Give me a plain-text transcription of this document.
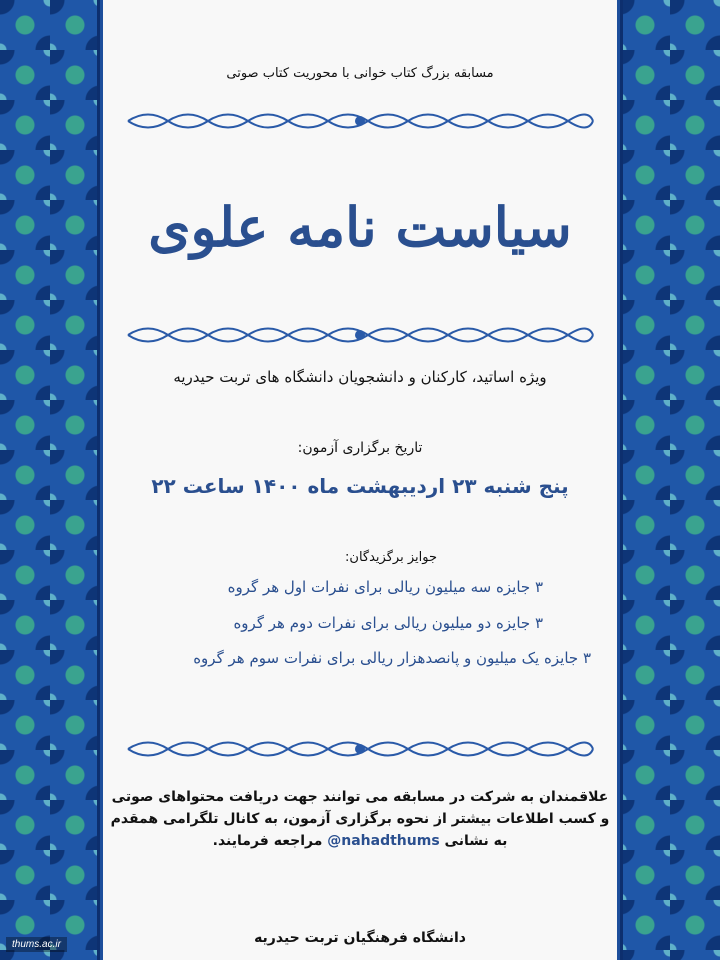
مسابقه بزرگ کتاب خوانی با محوریت کتاب صوتی
سیاست نامه علوی
ویژه اساتید، کارکنان و دانشجویان دانشگاه های تربت حیدریه
تاریخ برگزاری آزمون:
پنج شنبه ۲۳ اردیبهشت ماه ۱۴۰۰ ساعت ۲۲
جوایز برگزیدگان:
۳ جایزه سه میلیون ریالی برای نفرات اول هر گروه
۳ جایزه دو میلیون ریالی برای نفرات دوم هر گروه
۳ جایزه یک میلیون و پانصدهزار ریالی برای نفرات سوم هر گروه
علاقمندان به شرکت در مسابقه می توانند جهت دریافت محتواهای صوتی و کسب اطلاعات بیشتر از نحوه برگزاری آزمون، به کانال تلگرامی همقدم به نشانی @nahadthums مراجعه فرمایند.
دانشگاه فرهنگیان تربت حیدریه
thums.ac.ir
